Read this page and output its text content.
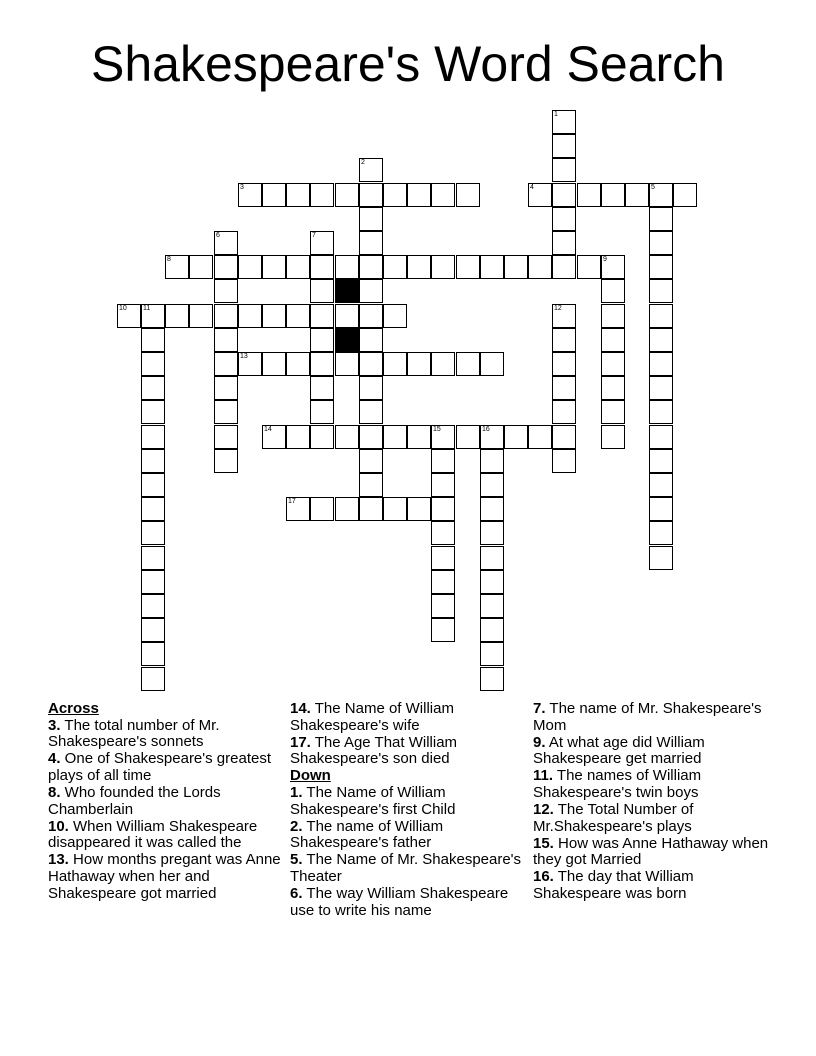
Shakespeare's Word Search
3	4	5
8
10 11
13
14	15	16
17
1
2
6	7
9
12
Across
3. The total number of Mr. Shakespeare's sonnets
4. One of Shakespeare's greatest plays of all time
8. Who founded the Lords Chamberlain
10. When William Shakespeare disappeared it was called the
13. How months pregant was Anne Hathaway when her and Shakespeare got married
14. The Name of William Shakespeare's wife
17. The Age That William Shakespeare's son died
Down
1. The Name of William Shakespeare's first Child
2. The name of William Shakespeare's father
5. The Name of Mr. Shakespeare's Theater
6. The way William Shakespeare use to write his name
7. The name of Mr. Shakespeare's Mom
9. At what age did William Shakespeare get married
11. The names of William Shakespeare's twin boys
12. The Total Number of Mr.Shakespeare's plays
15. How was Anne Hathaway when they got Married
16. The day that William Shakespeare was born
